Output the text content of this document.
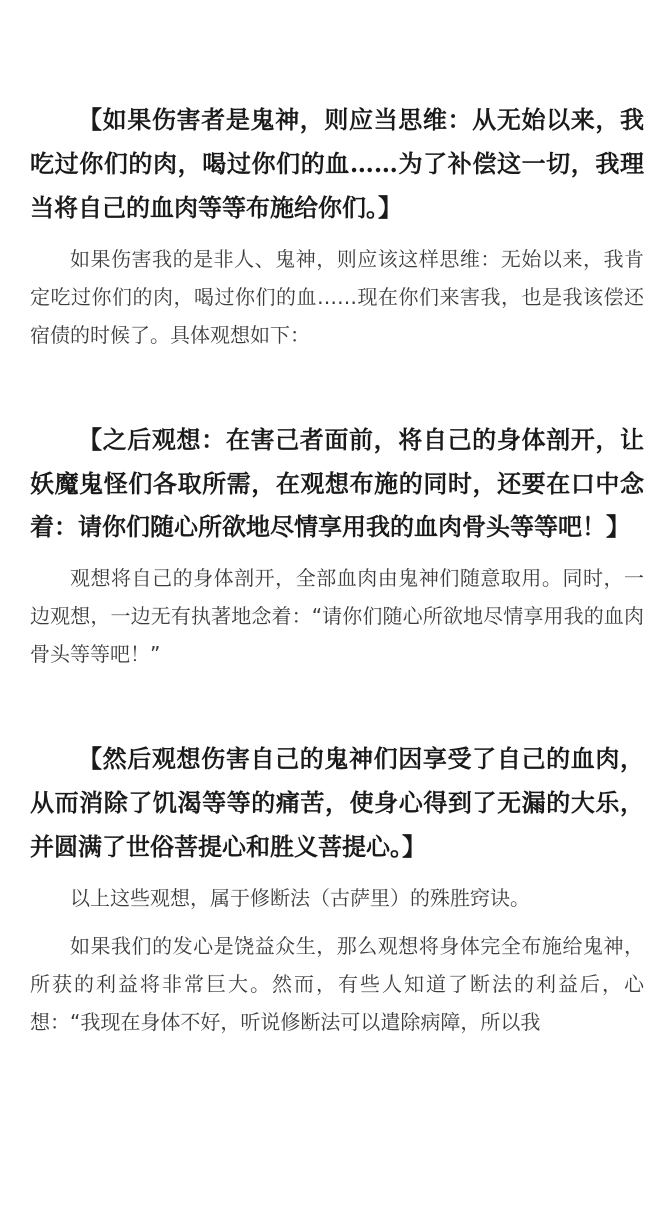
【如果伤害者是鬼神，则应当思维：从无始以来，我吃过你们的肉，喝过你们的血……为了补偿这一切，我理当将自己的血肉等等布施给你们。】

如果伤害我的是非人、鬼神，则应该这样思维：无始以来，我肯定吃过你们的肉，喝过你们的血……现在你们来害我，也是我该偿还宿债的时候了。具体观想如下：

【之后观想：在害己者面前，将自己的身体剖开，让妖魔鬼怪们各取所需，在观想布施的同时，还要在口中念着：请你们随心所欲地尽情享用我的血肉骨头等等吧！】

观想将自己的身体剖开，全部血肉由鬼神们随意取用。同时，一边观想，一边无有执著地念着：“请你们随心所欲地尽情享用我的血肉骨头等等吧！”

【然后观想伤害自己的鬼神们因享受了自己的血肉，从而消除了饥渴等等的痛苦，使身心得到了无漏的大乐，并圆满了世俗菩提心和胜义菩提心。】

以上这些观想，属于修断法（古萨里）的殊胜窍诀。

如果我们的发心是饶益众生，那么观想将身体完全布施给鬼神，所获的利益将非常巨大。然而，有些人知道了断法的利益后，心想：“我现在身体不好，听说修断法可以遣除病障，所以我
